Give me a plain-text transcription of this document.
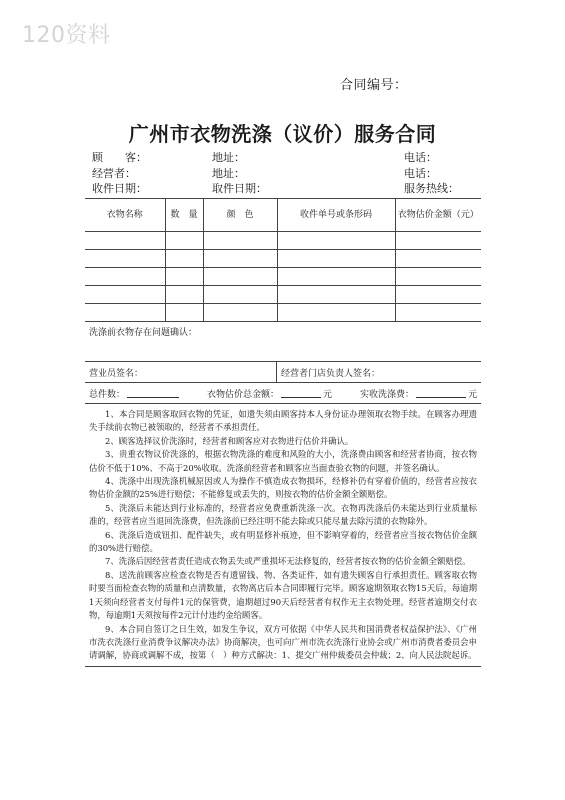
120资料
合同编号：
广州市衣物洗涤（议价）服务合同
顾　　客：	地址：	电话：
经营者：	地址：	电话：
收件日期：	取件日期：	服务热线：
衣物名称	数　量	颜　色	收件单号或条形码	衣物估价金额（元）

洗涤前衣物存在问题确认：
营业员签名：	经营者门店负责人签名：
总件数：	衣物估价总金额：	元	实收洗涤费：	元

1、本合同是顾客取回衣物的凭证，如遗失须由顾客持本人身份证办理领取衣物手续。在顾客办理遗失手续前衣物已被领取的，经营者不承担责任。

2、顾客选择议价洗涤时，经营者和顾客应对衣物进行估价并确认。

3、贵重衣物议价洗涤的，根据衣物洗涤的难度和风险的大小，洗涤费由顾客和经营者协商，按衣物估价不低于10%、不高于20%收取。洗涤前经营者和顾客应当面查验衣物的问题，并签名确认。

4、洗涤中出现洗涤机械原因或人为操作不慎造成衣物损坏，经修补仍有穿着价值的，经营者应按衣物估价金额的25%进行赔偿；不能修复或丢失的，则按衣物的估价金额全额赔偿。

5、洗涤后未能达到行业标准的，经营者应免费重新洗涤一次。衣物再洗涤后仍未能达到行业质量标准的，经营者应当退回洗涤费，但洗涤前已经注明不能去除或只能尽量去除污渍的衣物除外。

6、洗涤后造成钮扣、配件缺失，或有明显修补痕迹，但不影响穿着的，经营者应当按衣物估价金额的30%进行赔偿。

7、洗涤后因经营者责任造成衣物丢失或严重损坏无法修复的，经营者按衣物的估价金额全额赔偿。

8、送洗前顾客应检查衣物是否有遗留钱、物、各类证件，如有遗失顾客自行承担责任。顾客取衣物时要当面检查衣物的质量和点清数量，衣物离店后本合同即履行完毕。顾客逾期领取衣物15天后，每逾期1天须向经营者支付每件1元的保管费，逾期超过90天后经营者有权作无主衣物处理。经营者逾期交付衣物，每逾期1天须按每件2元计付违约金给顾客。

9、本合同自签订之日生效，如发生争议，双方可依据《中华人民共和国消费者权益保护法》、《广州市洗衣洗涤行业消费争议解决办法》协商解决，也可向广州市洗衣洗涤行业协会或广州市消费者委员会申请调解，协商或调解不成，按第（　）种方式解决：1、提交广州仲裁委员会仲裁；2、向人民法院起诉。
